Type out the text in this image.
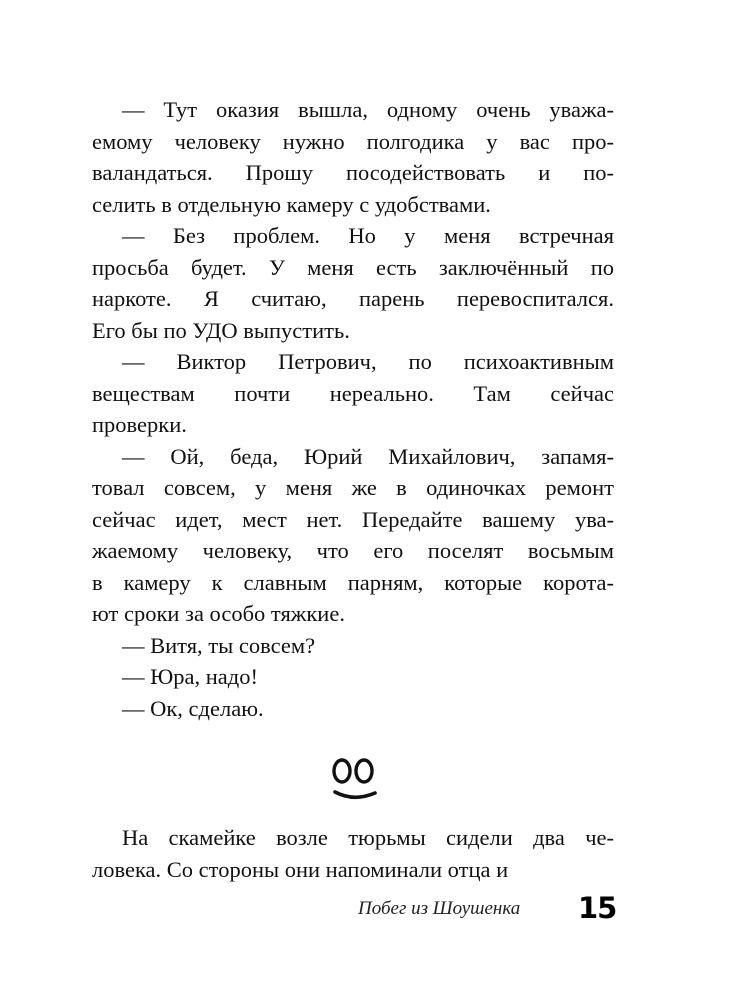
— Тут оказия вышла, одному очень уважа-
емому человеку нужно полгодика у вас про-
валандаться. Прошу посодействовать и по-
селить в отдельную камеру с удобствами.
— Без проблем. Но у меня встречная
просьба будет. У меня есть заключённый по
наркоте. Я считаю, парень перевоспитался.
Его бы по УДО выпустить.
— Виктор Петрович, по психоактивным
веществам почти нереально. Там сейчас
проверки.
— Ой, беда, Юрий Михайлович, запамя-
товал совсем, у меня же в одиночках ремонт
сейчас идет, мест нет. Передайте вашему ува-
жаемому человеку, что его поселят восьмым
в камеру к славным парням, которые корота-
ют сроки за особо тяжкие.
— Витя, ты совсем?
— Юра, надо!
— Ок, сделаю.
На скамейке возле тюрьмы сидели два че-
ловека. Со стороны они напоминали отца и
Побег из Шоушенка 15
